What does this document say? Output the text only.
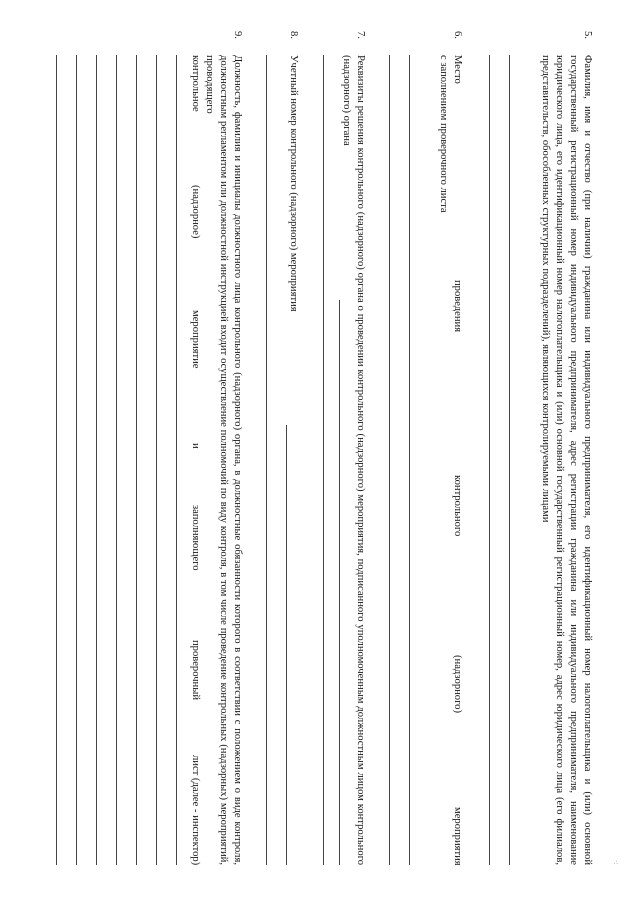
5.
Фамилия, имя и отчество (при наличии) гражданина или индивидуального предпринимателя, его идентификационный номер налогоплательщика и (или) основной государственный регистрационный номер индивидуального предпринимателя, адрес регистрации гражданина или индивидуального предпринимателя, наименование юридического лица, его идентификационный номер налогоплательщика и (или) основной государственный регистрационный номер, адрес юридического лица (его филиалов, представительств, обособленных структурных подразделений), являющихся контролируемыми лицами
6.
Место
проведения
контрольного
(надзорного)
мероприятия
с заполнением проверочного листа
7.
Реквизиты решения контрольного (надзорного) органа о проведении контрольного (надзорного) мероприятия, подписанного уполномоченным должностным лицом контрольного (надзорного) органа
8.
Учетный номер контрольного (надзорного) мероприятия
9.
Должность, фамилия и инициалы должностного лица контрольного (надзорного) органа, в должностные обязанности которого в соответствии с положением о виде контроля, должностным регламентом или должностной инструкцией входит осуществление полномочий по виду контроля, в том числе проведение контрольных (надзорных) мероприятий, проводящего
контрольное
(надзорное)
мероприятие
и
заполняющего
проверочный
лист (далее - инспектор)	·:
